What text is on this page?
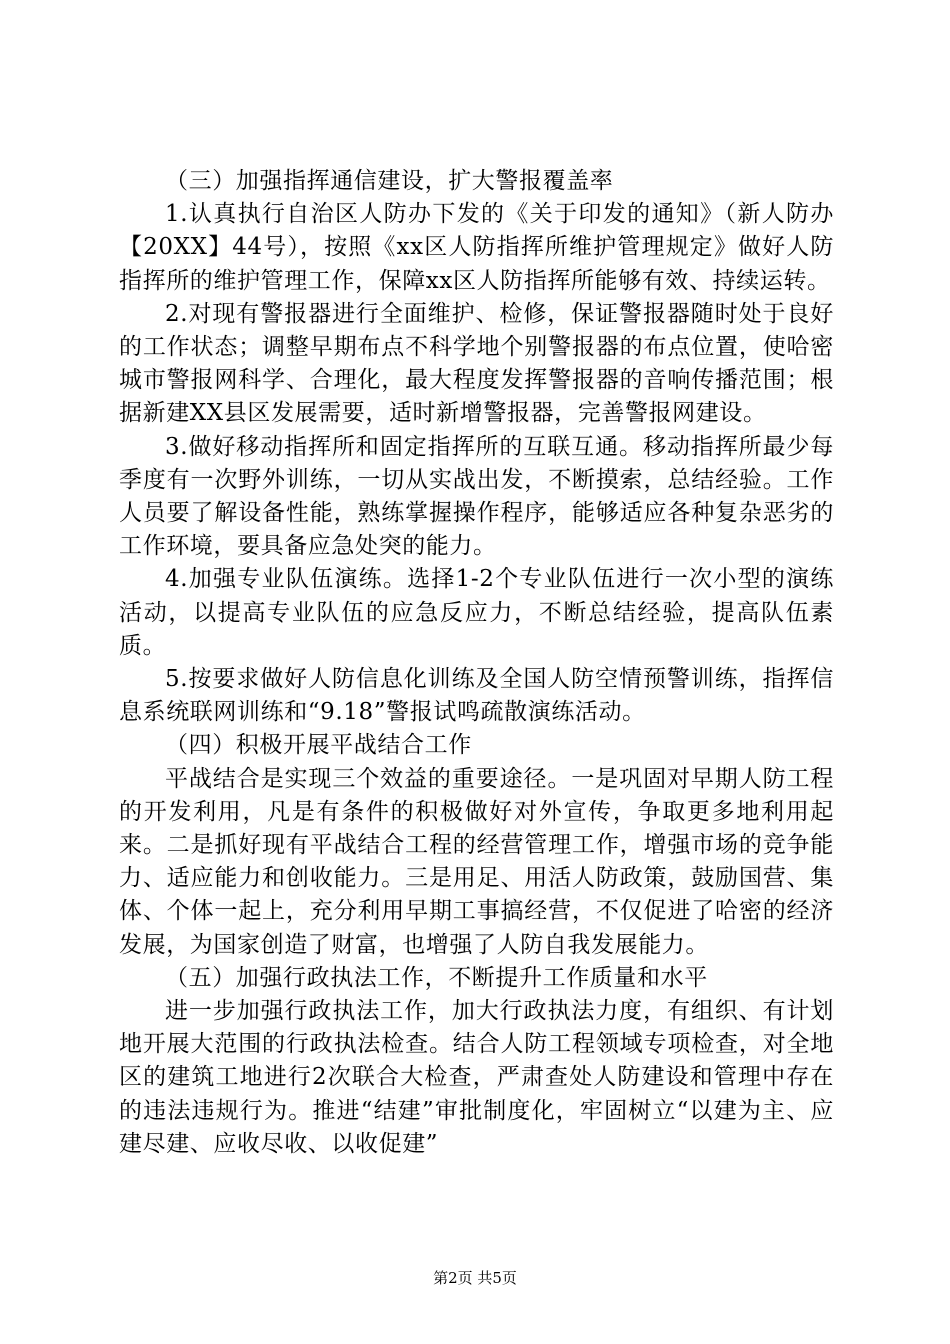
（三）加强指挥通信建设，扩大警报覆盖率

1.认真执行自治区人防办下发的《关于印发的通知》（新人防办【20XX】44号），按照《xx区人防指挥所维护管理规定》做好人防指挥所的维护管理工作，保障xx区人防指挥所能够有效、持续运转。

2.对现有警报器进行全面维护、检修，保证警报器随时处于良好的工作状态；调整早期布点不科学地个别警报器的布点位置，使哈密城市警报网科学、合理化，最大程度发挥警报器的音响传播范围；根据新建XX县区发展需要，适时新增警报器，完善警报网建设。

3.做好移动指挥所和固定指挥所的互联互通。移动指挥所最少每季度有一次野外训练，一切从实战出发，不断摸索，总结经验。工作人员要了解设备性能，熟练掌握操作程序，能够适应各种复杂恶劣的工作环境，要具备应急处突的能力。

4.加强专业队伍演练。选择1-2个专业队伍进行一次小型的演练活动，以提高专业队伍的应急反应力，不断总结经验，提高队伍素质。

5.按要求做好人防信息化训练及全国人防空情预警训练，指挥信息系统联网训练和“9.18”警报试鸣疏散演练活动。

（四）积极开展平战结合工作

平战结合是实现三个效益的重要途径。一是巩固对早期人防工程的开发利用，凡是有条件的积极做好对外宣传，争取更多地利用起来。二是抓好现有平战结合工程的经营管理工作，增强市场的竞争能力、适应能力和创收能力。三是用足、用活人防政策，鼓励国营、集体、个体一起上，充分利用早期工事搞经营，不仅促进了哈密的经济发展，为国家创造了财富，也增强了人防自我发展能力。

（五）加强行政执法工作，不断提升工作质量和水平

进一步加强行政执法工作，加大行政执法力度，有组织、有计划地开展大范围的行政执法检查。结合人防工程领域专项检查，对全地区的建筑工地进行2次联合大检查，严肃查处人防建设和管理中存在的违法违规行为。推进“结建”审批制度化，牢固树立“以建为主、应建尽建、应收尽收、以收促建”

第2页 共5页
